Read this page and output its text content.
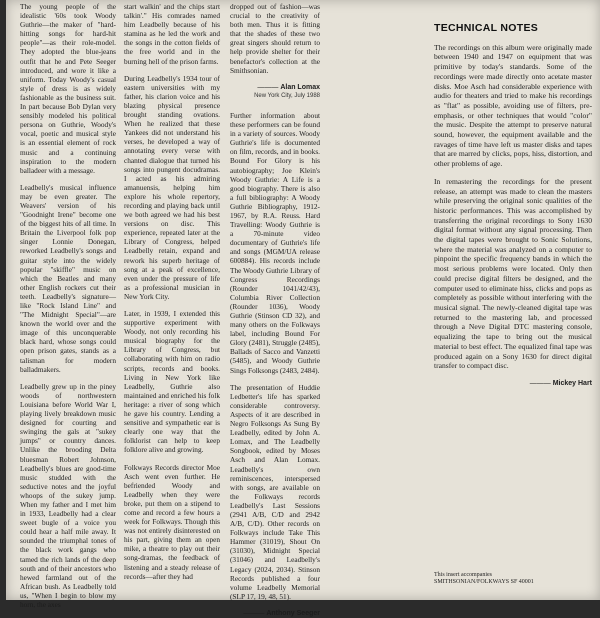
The young people of the idealistic '60s took Woody Guthrie—the maker of "hard-hitting songs for hard-hit people"—as their role-model. They adopted the blue-jeans outfit that he and Pete Seeger introduced, and wore it like a uniform. Today Woody's casual style of dress is as widely fashionable as the business suit. In part because Bob Dylan very sensibly modeled his political persona on Guthrie, Woody's vocal, poetic and musical style is an essential element of rock music and a continuing inspiration to the modern balladeer with a message.

Leadbelly's musical influence may be even greater. The Weavers' version of his "Goodnight Irene" become one of the biggest hits of all time. In Britain the Liverpool folk pop singer Lonnie Donegan, reworked Leadbelly's songs and guitar style into the widely popular "skiffle" music on which the Beatles and many other English rockers cut their teeth. Leadbelly's signature—like "Rock Island Line" and "The Midnight Special"—are known the world over and the image of this unconquerable black hard, whose songs could open prison gates, stands as a talisman for modern balladmakers.

Leadbelly grew up in the piney woods of northwestern Louisiana before World War I, playing lively breakdown music designed for courting and swinging the gals at "sukey jumps" or country dances. Unlike the brooding Delta bluesman Robert Johnson, Leadbelly's blues are good-time music studded with the seductive notes and the joyful whoops of the sukey jump. When my father and I met him in 1933, Leadbelly had a clear sweet bugle of a voice you could hear a half mile away. It sounded the triumphal tones of the black work gangs who tamed the rich lands of the deep south and of their ancestors who hewed farmland out of the African bush. As Leadbelly told us, "When I begin to blow my horn, the axes

start walkin' and the chips start talkin'." His comrades named him Leadbelly because of his stamina as he led the work and the songs in the cotton fields of the free world and in the burning hell of the prison farms.

During Leadbelly's 1934 tour of eastern universities with my father, his clarion voice and his blazing physical presence brought standing ovations. When he realized that these Yankees did not understand his verses, he developed a way of annotating every verse with chanted dialogue that turned his songs into pungent docudramas. I acted as his admiring amanuensis, helping him explore his whole repertory, recording and playing back until we both agreed we had his best versions on disc. This experience, repeated later at the Library of Congress, helped Leadbelly retain, expand and rework his superb heritage of song at a peak of excellence, even under the pressure of life as a professional musician in New York City.

Later, in 1939, I extended this supportive experiment with Woody, not only recording his musical biography for the Library of Congress, but collaborating with him on radio scripts, records and books. Living in New York like Leadbelly, Guthrie also maintained and enriched his folk heritage: a river of song which he gave his country. Lending a sensitive and sympathetic ear is clearly one way that the folklorist can help to keep folklore alive and growing.

Folkways Records director Moe Asch went even further. He befriended Woody and Leadbelly when they were broke, put them on a stipend to come and record a few hours a week for Folkways. Though this was not entirely disinterested on his part, giving them an open mike, a theatre to play out their song-dramas, the feedback of listening and a steady release of records—after they had

dropped out of fashion—was crucial to the creativity of both men. Thus it is fitting that the shades of these two great singers should return to help provide shelter for their benefactor's collection at the Smithsonian.

——— Alan Lomax
New York City, July 1988

Further information about these performers can be found in a variety of sources. Woody Guthrie's life is documented on film, records, and in books. Bound For Glory is his autobiography; Joe Klein's Woody Guthrie: A Life is a good biography. There is also a full bibliography: A Woody Guthrie Bibliography, 1912-1967, by R.A. Reuss. Hard Travelling: Woody Guthrie is a 70-minute video documentary of Guthrie's life and songs (MGM/UA release 600884). His records include The Woody Guthrie Library of Congress Recordings (Rounder 1041/42/43), Columbia River Collection (Rounder 1036), Woody Guthrie (Stinson CD 32), and many others on the Folkways label, including Bound For Glory (2481), Struggle (2485), Ballads of Sacco and Vanzetti (5485), and Woody Guthrie Sings Folksongs (2483, 2484).

The presentation of Huddie Ledbetter's life has sparked considerable controversy. Aspects of it are described in Negro Folksongs As Sung By Leadbelly, edited by John A. Lomax, and The Leadbelly Songbook, edited by Moses Asch and Alan Lomax. Leadbelly's own reminiscences, interspersed with songs, are available on the Folkways records Leadbelly's Last Sessions (2941 A/B, C/D and 2942 A/B, C/D). Other records on Folkways include Take This Hammer (31019), Shout On (31030), Midnight Special (31046) and Leadbelly's Legacy (2024, 2034). Stinson Records published a four volume Leadbelly Memorial (SLP 17, 19, 48, 51).

——— Anthony Seeger
TECHNICAL NOTES

The recordings on this album were originally made between 1940 and 1947 on equipment that was primitive by today's standards. Some of the recordings were made directly onto acetate master disks. Moe Asch had considerable experience with audio for theaters and tried to make his recordings as "flat" as possible, avoiding use of filters, pre-emphasis, or other techniques that would "color" the music. Despite the attempt to preserve natural sound, however, the equipment available and the ravages of time have left us master disks and tapes that are marred by clicks, pops, hiss, distortion, and other problems of age.

In remastering the recordings for the present release, an attempt was made to clean the masters while preserving the original sonic qualities of the historic performances. This was accomplished by transferring the original recordings to Sony 1630 digital format without any signal processing. Then the digital tapes were brought to Sonic Solutions, where the material was analyzed on a computer to pinpoint the specific frequency bands in which the most serious problems were located. Only then could precise digital filters be designed, and the computer used to eliminate hiss, clicks and pops as completely as possible without interfering with the musical signal. The newly-cleaned digital tape was returned to the mastering lab, and processed through a Neve Digital DTC mastering console, equalizing the tape to bring out the musical material to best effect. The equalized final tape was produced again on a Sony 1630 for direct digital transfer to compact disc.

——— Mickey Hart
This insert accompanies
SMITHSONIAN/FOLKWAYS SF 40001
